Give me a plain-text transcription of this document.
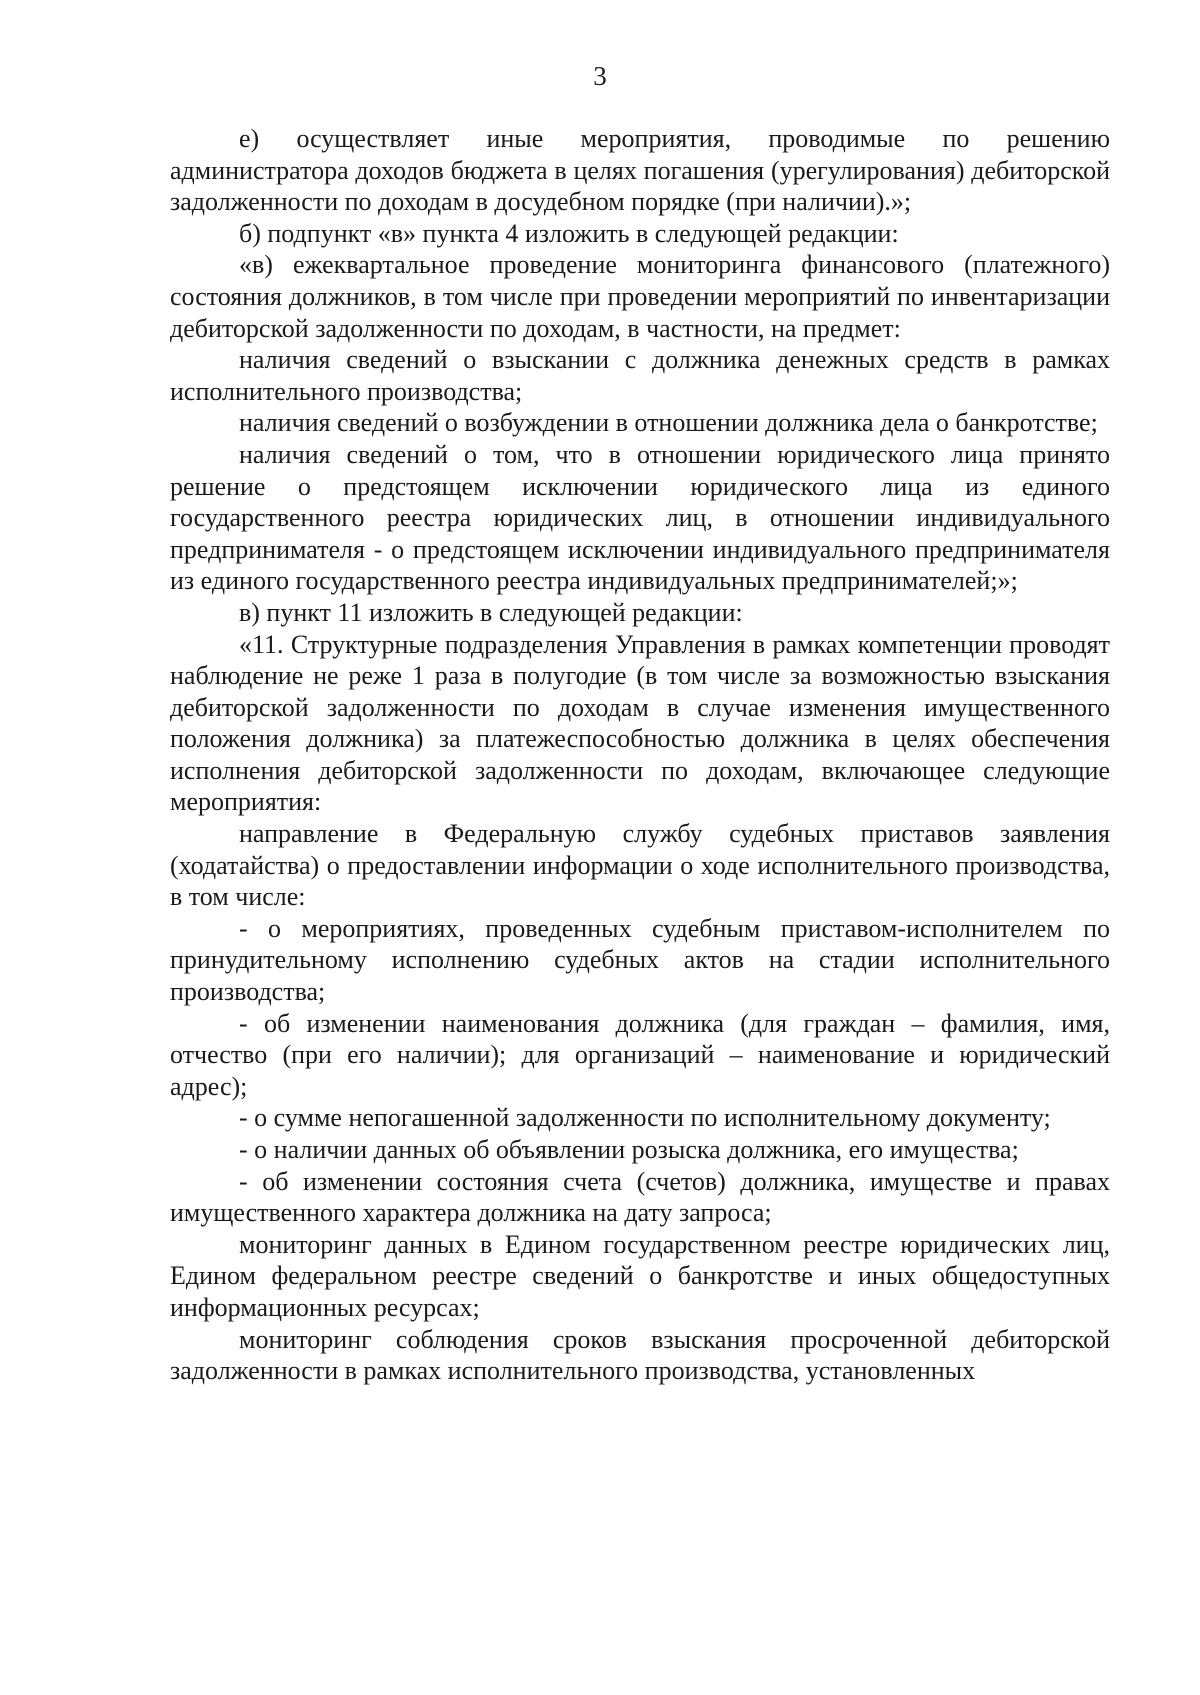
3

е) осуществляет иные мероприятия, проводимые по решению администратора доходов бюджета в целях погашения (урегулирования) дебиторской задолженности по доходам в досудебном порядке (при наличии).»;

б) подпункт «в» пункта 4 изложить в следующей редакции:

«в) ежеквартальное проведение мониторинга финансового (платежного) состояния должников, в том числе при проведении мероприятий по инвентаризации дебиторской задолженности по доходам, в частности, на предмет:

наличия сведений о взыскании с должника денежных средств в рамках исполнительного производства;

наличия сведений о возбуждении в отношении должника дела о банкротстве;

наличия сведений о том, что в отношении юридического лица принято решение о предстоящем исключении юридического лица из единого государственного реестра юридических лиц, в отношении индивидуального предпринимателя - о предстоящем исключении индивидуального предпринимателя из единого государственного реестра индивидуальных предпринимателей;»;

в) пункт 11 изложить в следующей редакции:

«11. Структурные подразделения Управления в рамках компетенции проводят наблюдение не реже 1 раза в полугодие (в том числе за возможностью взыскания дебиторской задолженности по доходам в случае изменения имущественного положения должника) за платежеспособностью должника в целях обеспечения исполнения дебиторской задолженности по доходам, включающее следующие мероприятия:

направление в Федеральную службу судебных приставов заявления (ходатайства) о предоставлении информации о ходе исполнительного производства, в том числе:

- о мероприятиях, проведенных судебным приставом-исполнителем по принудительному исполнению судебных актов на стадии исполнительного производства;

- об изменении наименования должника (для граждан – фамилия, имя, отчество (при его наличии); для организаций – наименование и юридический адрес);

- о сумме непогашенной задолженности по исполнительному документу;

- о наличии данных об объявлении розыска должника, его имущества;

- об изменении состояния счета (счетов) должника, имуществе и правах имущественного характера должника на дату запроса;

мониторинг данных в Едином государственном реестре юридических лиц, Едином федеральном реестре сведений о банкротстве и иных общедоступных информационных ресурсах;

мониторинг соблюдения сроков взыскания просроченной дебиторской задолженности в рамках исполнительного производства, установленных
